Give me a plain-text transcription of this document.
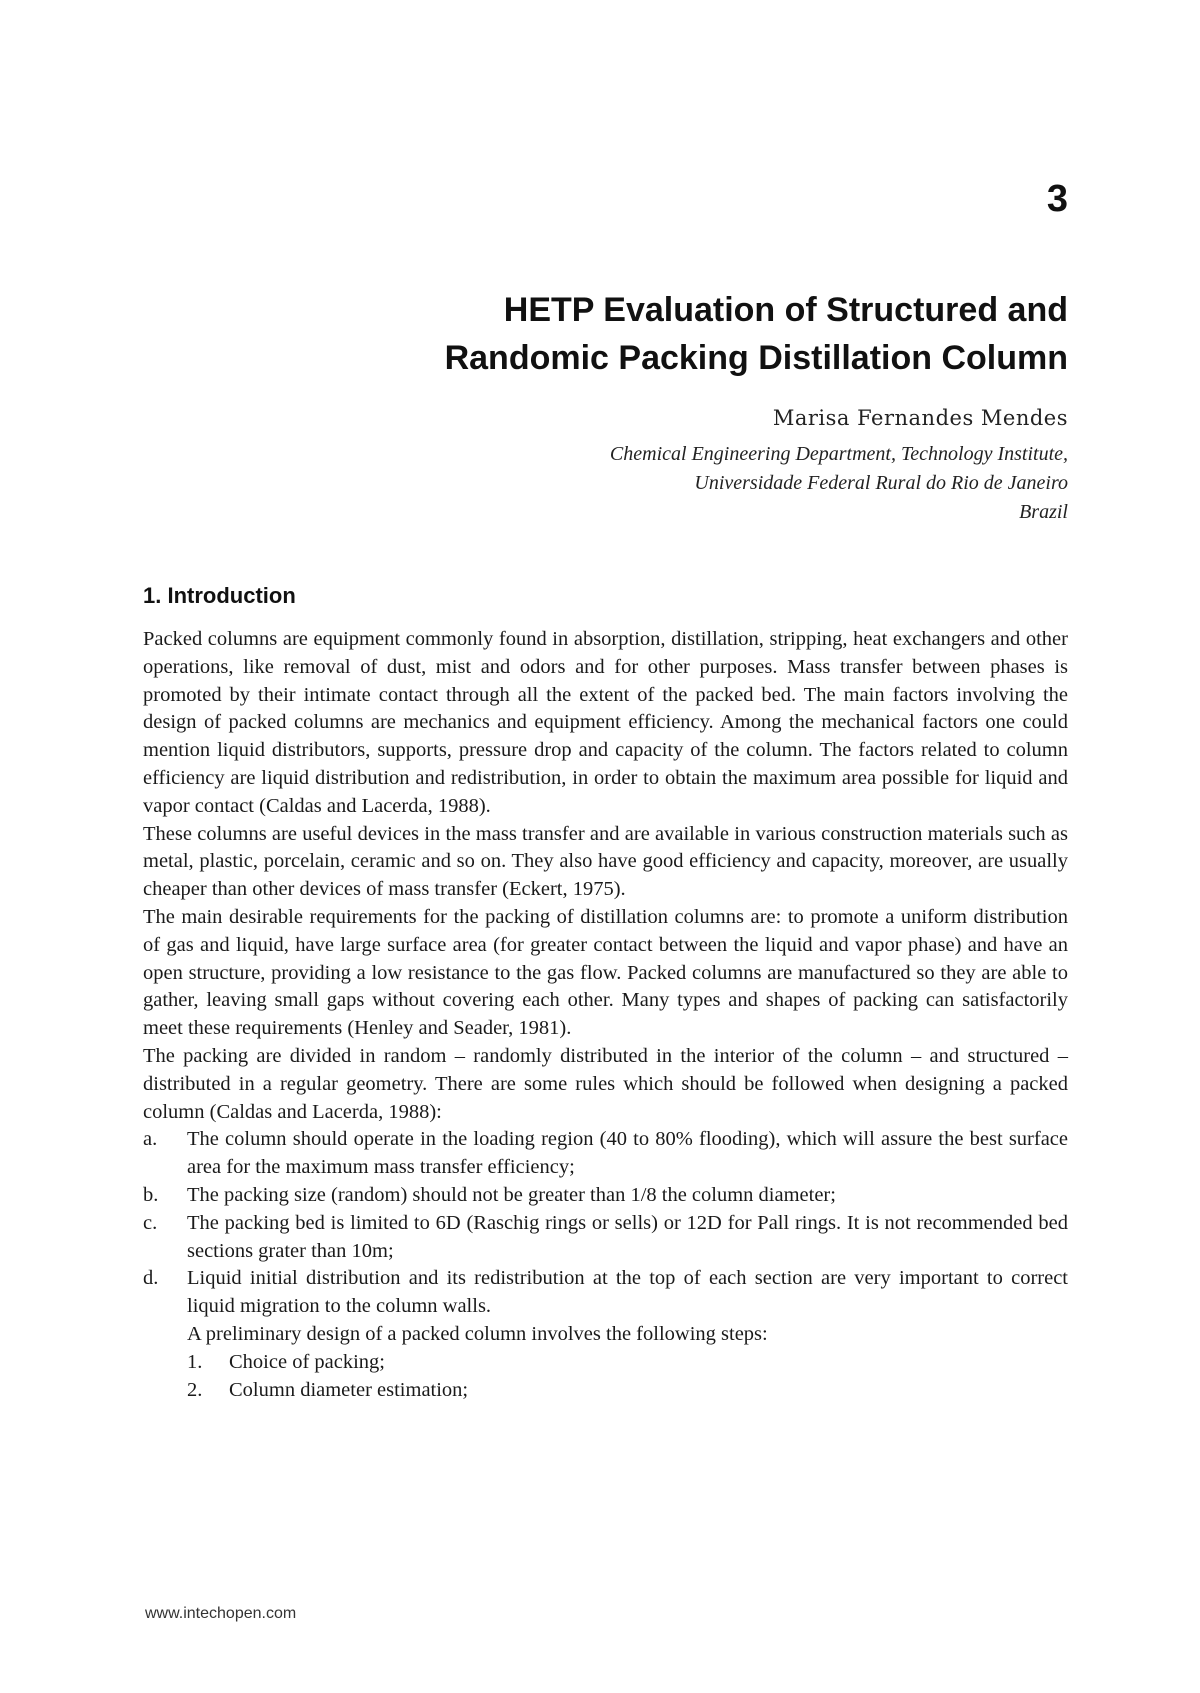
3
HETP Evaluation of Structured and
Randomic Packing Distillation Column
Marisa Fernandes Mendes
Chemical Engineering Department, Technology Institute,
Universidade Federal Rural do Rio de Janeiro
Brazil
1. Introduction

Packed columns are equipment commonly found in absorption, distillation, stripping, heat exchangers and other operations, like removal of dust, mist and odors and for other purposes. Mass transfer between phases is promoted by their intimate contact through all the extent of the packed bed. The main factors involving the design of packed columns are mechanics and equipment efficiency. Among the mechanical factors one could mention liquid distributors, supports, pressure drop and capacity of the column. The factors related to column efficiency are liquid distribution and redistribution, in order to obtain the maximum area possible for liquid and vapor contact (Caldas and Lacerda, 1988).

These columns are useful devices in the mass transfer and are available in various construction materials such as metal, plastic, porcelain, ceramic and so on. They also have good efficiency and capacity, moreover, are usually cheaper than other devices of mass transfer (Eckert, 1975).

The main desirable requirements for the packing of distillation columns are: to promote a uniform distribution of gas and liquid, have large surface area (for greater contact between the liquid and vapor phase) and have an open structure, providing a low resistance to the gas flow. Packed columns are manufactured so they are able to gather, leaving small gaps without covering each other. Many types and shapes of packing can satisfactorily meet these requirements (Henley and Seader, 1981).

The packing are divided in random – randomly distributed in the interior of the column – and structured – distributed in a regular geometry. There are some rules which should be followed when designing a packed column (Caldas and Lacerda, 1988):

a. The column should operate in the loading region (40 to 80% flooding), which will assure the best surface area for the maximum mass transfer efficiency;
b. The packing size (random) should not be greater than 1/8 the column diameter;
c. The packing bed is limited to 6D (Raschig rings or sells) or 12D for Pall rings. It is not recommended bed sections grater than 10m;
d. Liquid initial distribution and its redistribution at the top of each section are very important to correct liquid migration to the column walls.

A preliminary design of a packed column involves the following steps:

1. Choice of packing;
2. Column diameter estimation;
www.intechopen.com
